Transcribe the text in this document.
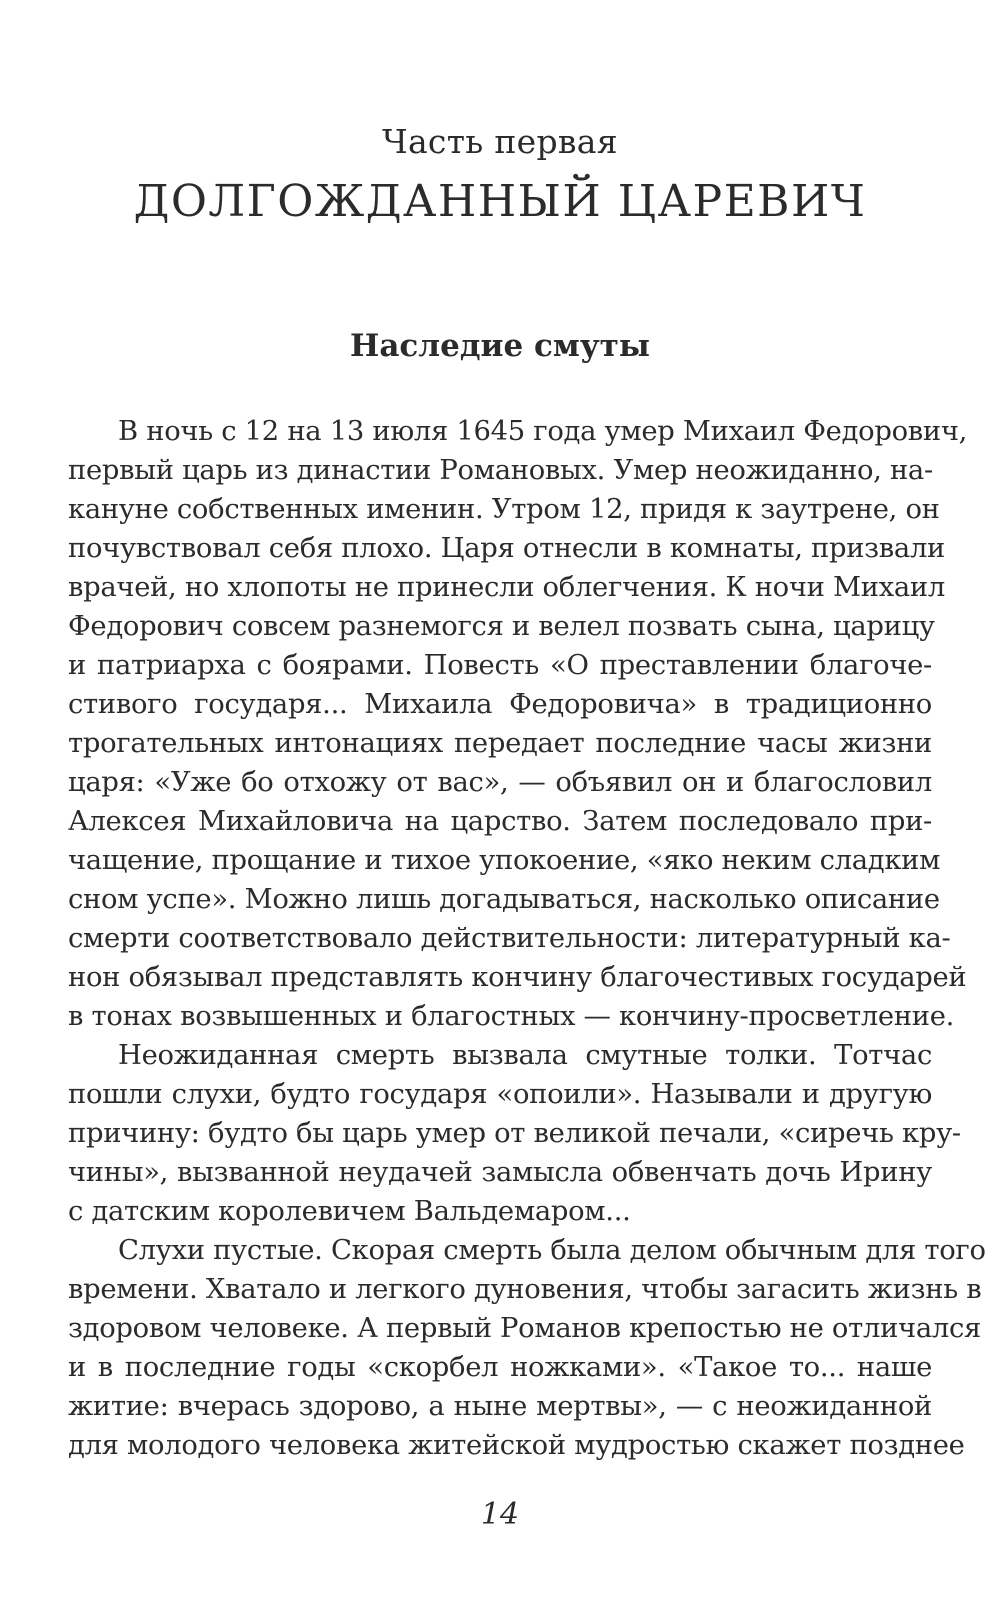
Часть первая
ДОЛГОЖДАННЫЙ ЦАРЕВИЧ
Наследие смуты
В ночь с 12 на 13 июля 1645 года умер Михаил Федорович,
первый царь из династии Романовых. Умер неожиданно, на-
кануне собственных именин. Утром 12, придя к заутрене, он
почувствовал себя плохо. Царя отнесли в комнаты, призвали
врачей, но хлопоты не принесли облегчения. К ночи Михаил
Федорович совсем разнемогся и велел позвать сына, царицу
и патриарха с боярами. Повесть «О преставлении благоче-
стивого государя... Михаила Федоровича» в традиционно
трогательных интонациях передает последние часы жизни
царя: «Уже бо отхожу от вас», — объявил он и благословил
Алексея Михайловича на царство. Затем последовало при-
чащение, прощание и тихое упокоение, «яко неким сладким
сном успе». Можно лишь догадываться, насколько описание
смерти соответствовало действительности: литературный ка-
нон обязывал представлять кончину благочестивых государей
в тонах возвышенных и благостных — кончину-просветление.
Неожиданная смерть вызвала смутные толки. Тотчас
пошли слухи, будто государя «опоили». Называли и другую
причину: будто бы царь умер от великой печали, «сиречь кру-
чины», вызванной неудачей замысла обвенчать дочь Ирину
с датским королевичем Вальдемаром...
Слухи пустые. Скорая смерть была делом обычным для того
времени. Хватало и легкого дуновения, чтобы загасить жизнь в
здоровом человеке. А первый Романов крепостью не отличался
и в последние годы «скорбел ножками». «Такое то... наше
житие: вчерась здорово, а ныне мертвы», — с неожиданной
для молодого человека житейской мудростью скажет позднее
14
